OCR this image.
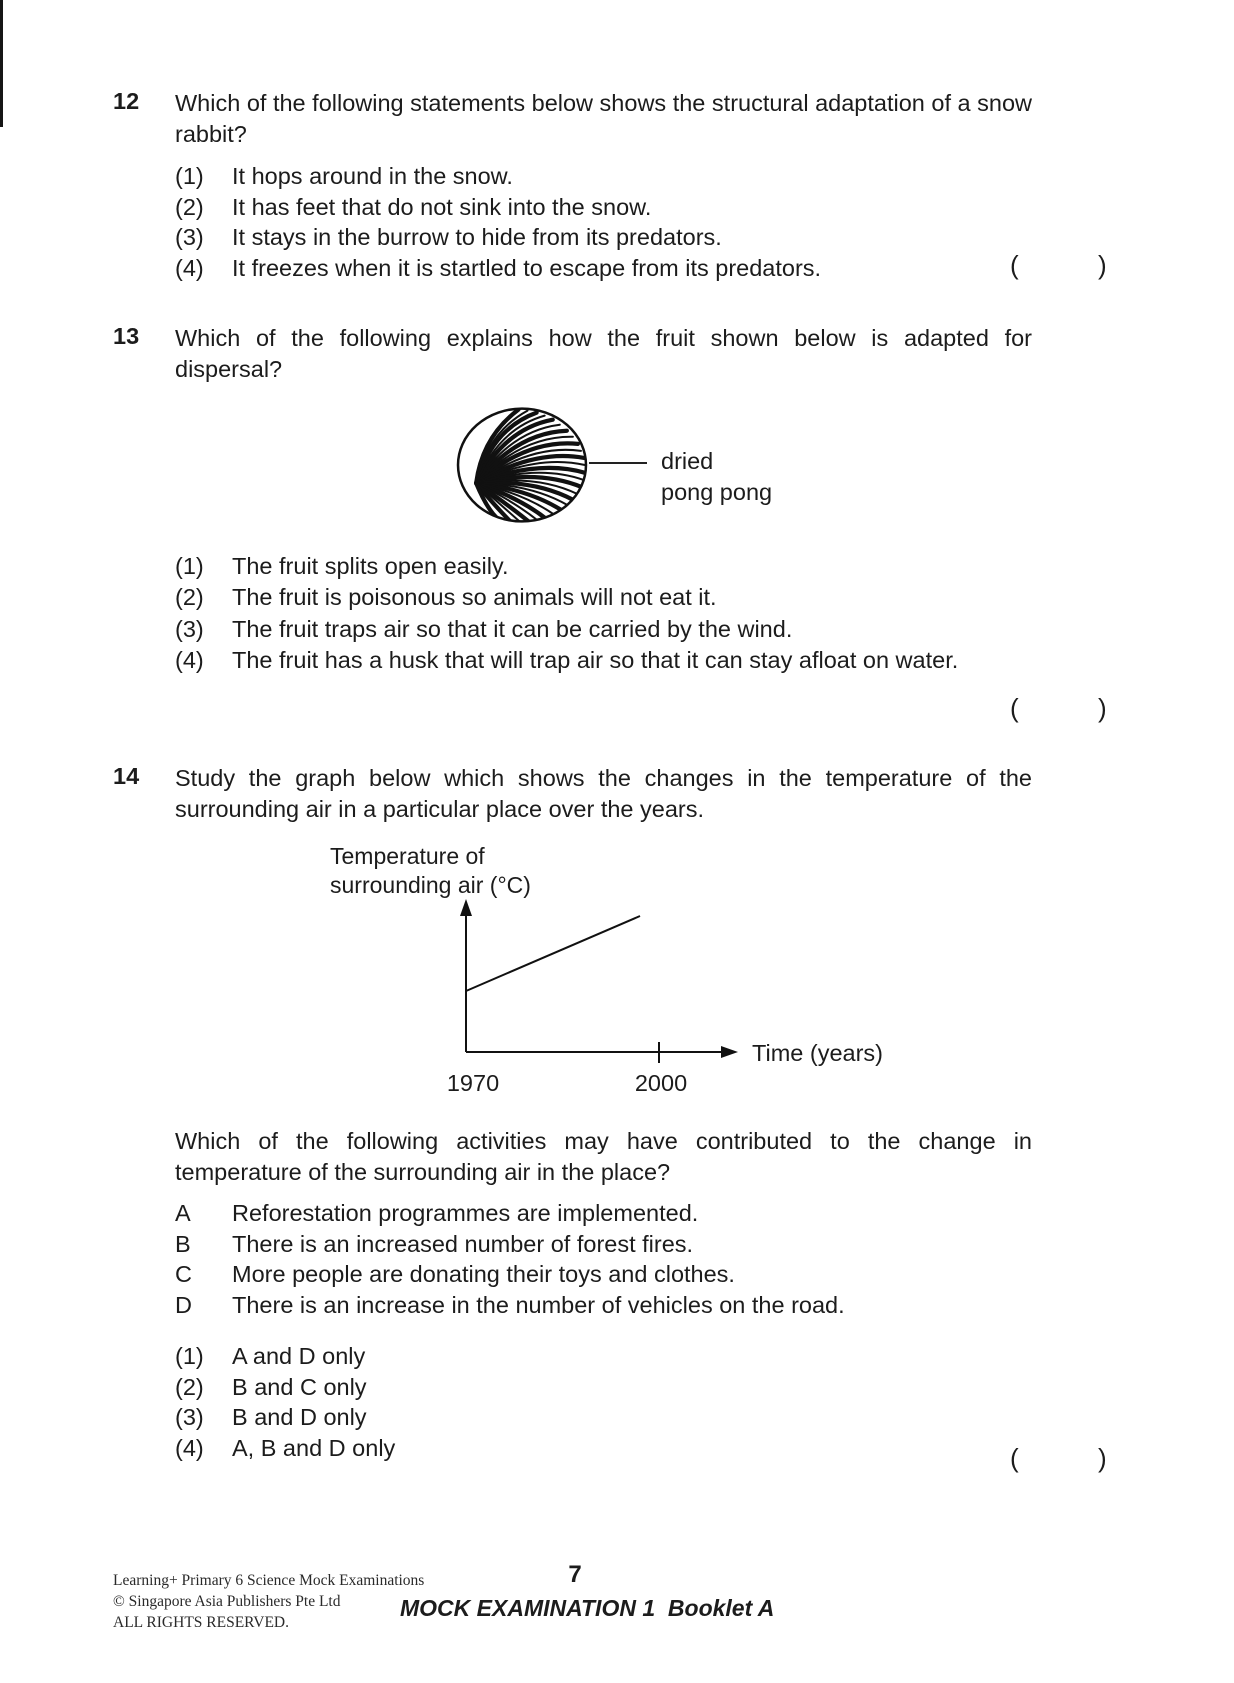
12 Which of the following statements below shows the structural adaptation of a snow rabbit?
(1)	It hops around in the snow.
(2)	It has feet that do not sink into the snow.
(3)	It stays in the burrow to hide from its predators.
(4)	It freezes when it is startled to escape from its predators.	(	)
13 Which of the following explains how the fruit shown below is adapted for dispersal?
dried
pong pong
(1)	The fruit splits open easily.
(2)	The fruit is poisonous so animals will not eat it.
(3)	The fruit traps air so that it can be carried by the wind.
(4)	The fruit has a husk that will trap air so that it can stay afloat on water.
(	)
14 Study the graph below which shows the changes in the temperature of the surrounding air in a particular place over the years.
Temperature of
surrounding air (°C)
1970	2000
Time (years)
Which of the following activities may have contributed to the change in temperature of the surrounding air in the place?
A	Reforestation programmes are implemented.
B	There is an increased number of forest fires.
C	More people are donating their toys and clothes.
D	There is an increase in the number of vehicles on the road.
(1)	A and D only
(2)	B and C only
(3)	B and D only
(4)	A, B and D only	(	)
Learning+ Primary 6 Science Mock Examinations
© Singapore Asia Publishers Pte Ltd
ALL RIGHTS RESERVED.
7
MOCK EXAMINATION 1  Booklet A
